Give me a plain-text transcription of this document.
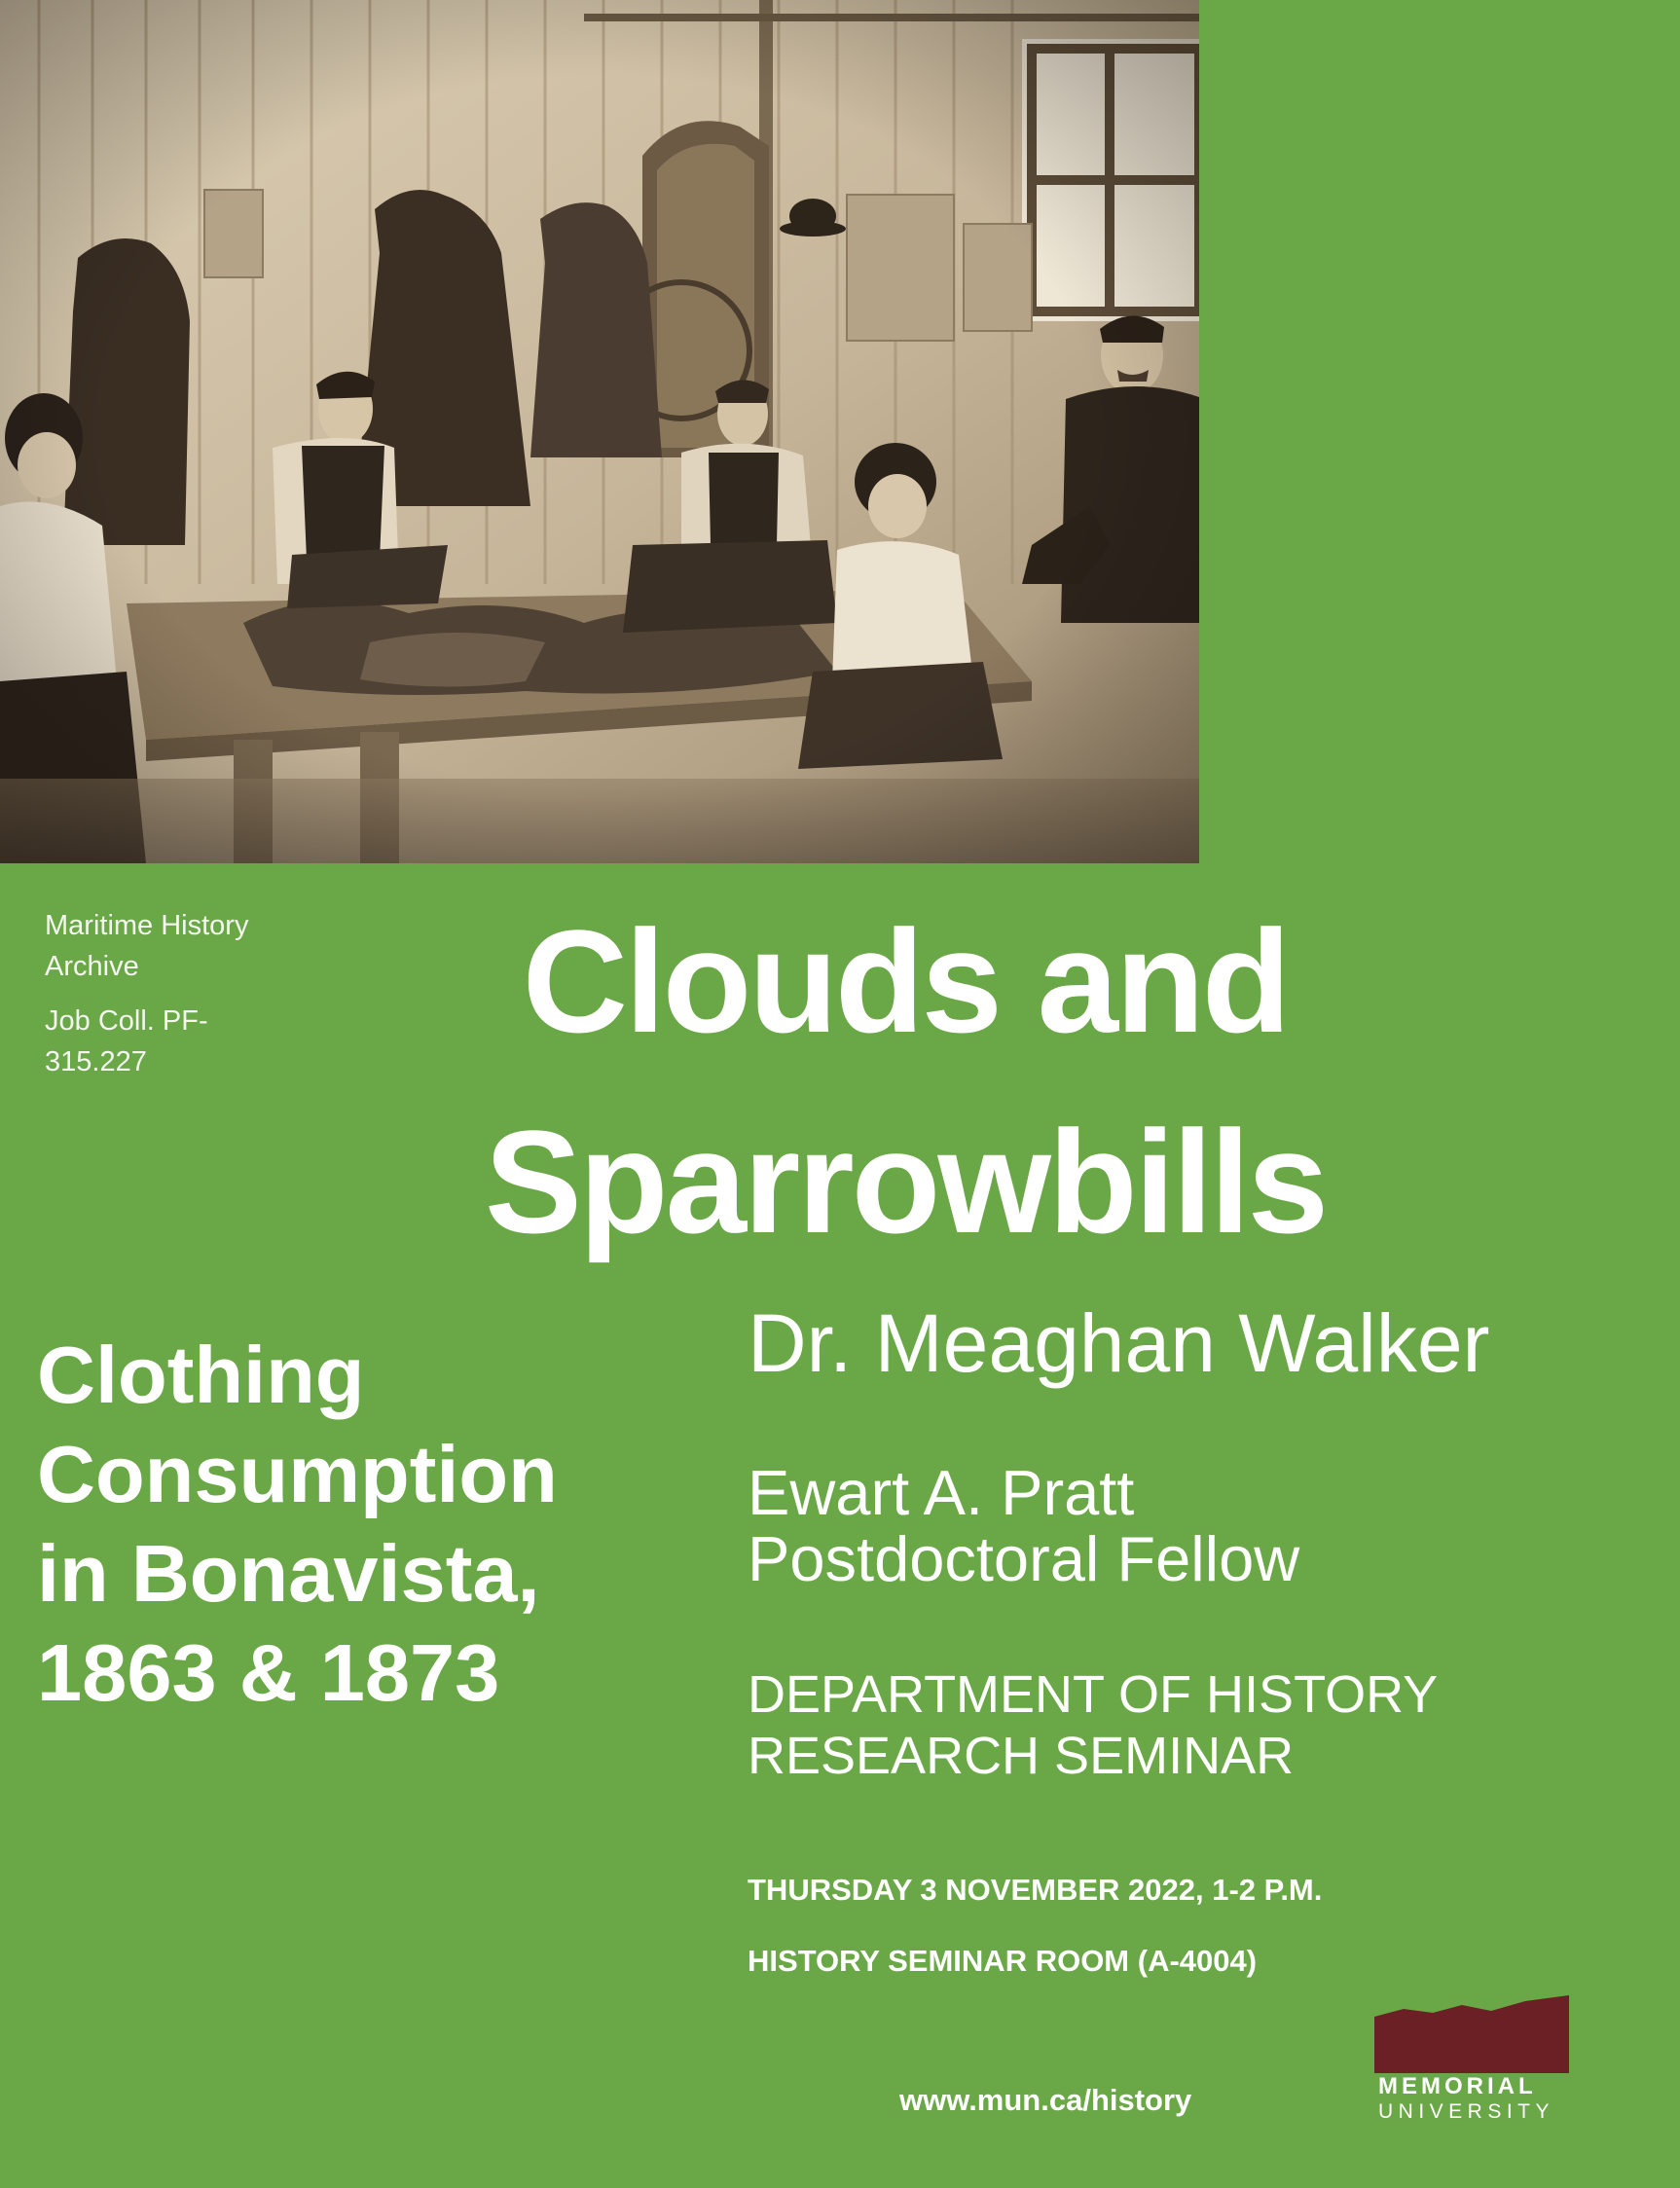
Maritime History Archive

Job Coll. PF-315.227	Clouds and
Sparrowbills
Clothing
Consumption
in Bonavista,
1863 & 1873

Dr. Meaghan Walker

Ewart A. Pratt
Postdoctoral Fellow

DEPARTMENT OF HISTORY
RESEARCH SEMINAR

THURSDAY 3 NOVEMBER 2022, 1-2 P.M.

HISTORY SEMINAR ROOM (A-4004)

www.mun.ca/history	MEMORIAL
UNIVERSITY
